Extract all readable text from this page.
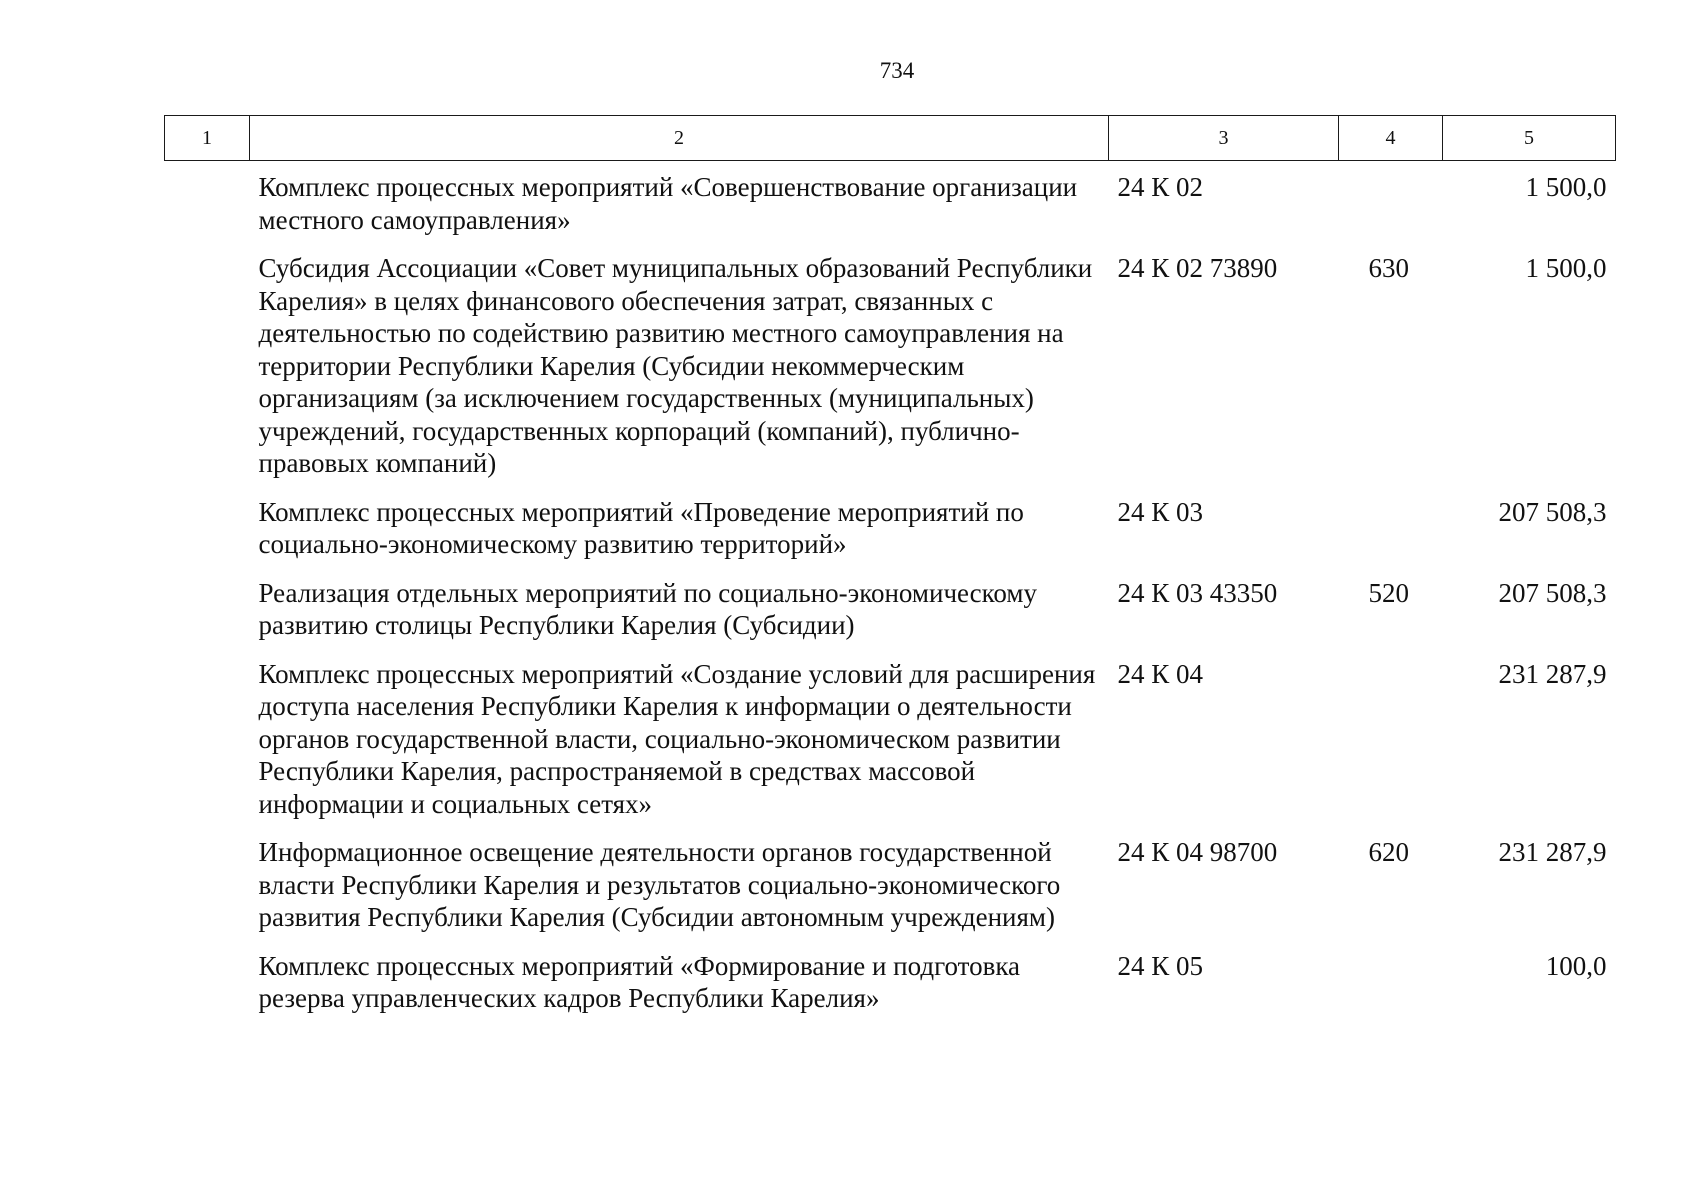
734
1	2	3	4	5
	Комплекс процессных мероприятий «Совершенствование организации местного самоуправления»	24 К 02		1 500,0
	Субсидия Ассоциации «Совет муниципальных образований Республики Карелия» в целях финансового обеспечения затрат, связанных с деятельностью по содействию развитию местного самоуправления на территории Республики Карелия (Субсидии некоммерческим организациям (за исключением государственных (муниципальных) учреждений, государственных корпораций (компаний), публично-правовых компаний)	24 К 02 73890	630	1 500,0
	Комплекс процессных мероприятий «Проведение мероприятий по социально-экономическому развитию территорий»	24 К 03		207 508,3
	Реализация отдельных мероприятий по социально-экономическому развитию столицы Республики Карелия (Субсидии)	24 К 03 43350	520	207 508,3
	Комплекс процессных мероприятий «Создание условий для расширения доступа населения Республики Карелия к информации о деятельности органов государственной власти, социально-экономическом развитии Республики Карелия, распространяемой в средствах массовой информации и социальных сетях»	24 К 04		231 287,9
	Информационное освещение деятельности органов государственной власти Республики Карелия и результатов социально-экономического развития Республики Карелия (Субсидии автономным учреждениям)	24 К 04 98700	620	231 287,9
	Комплекс процессных мероприятий «Формирование и подготовка резерва управленческих кадров Республики Карелия»	24 К 05		100,0
